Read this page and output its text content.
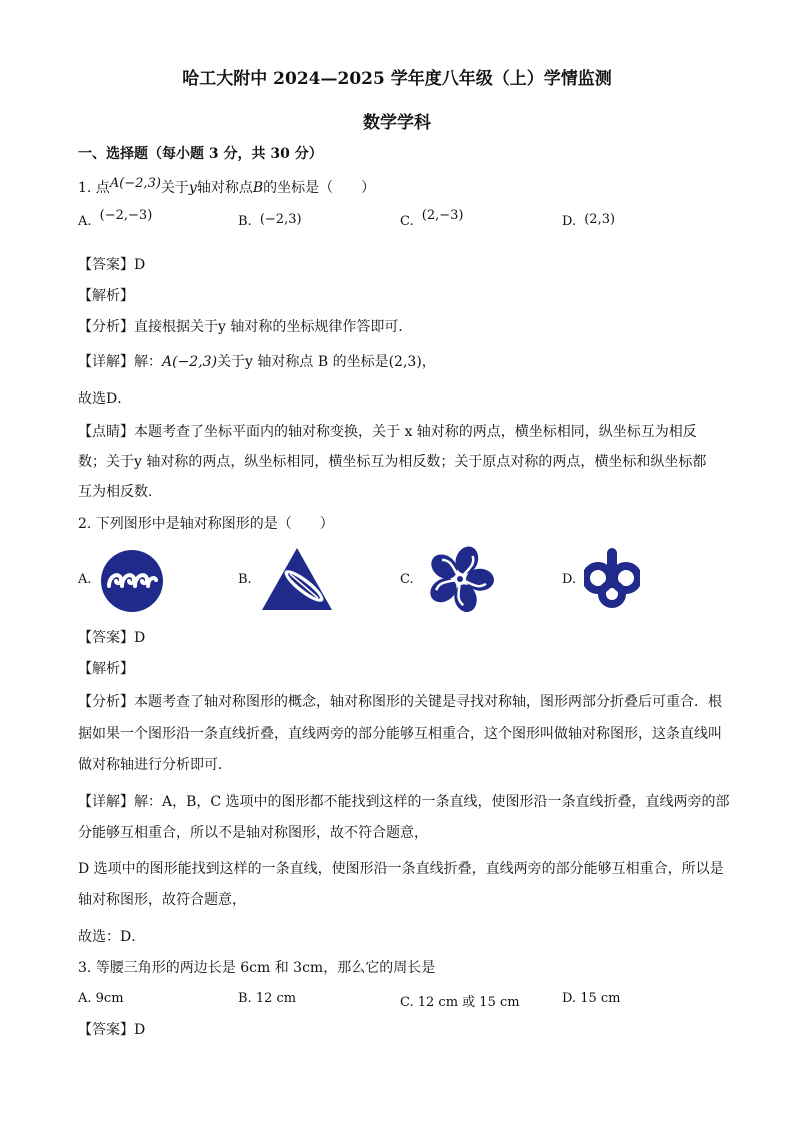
哈工大附中 2024—2025 学年度八年级（上）学情监测
数学学科
一、选择题（每小题 3 分，共 30 分）
1. 点A(−2,3)关于y轴对称点B的坐标是（　　）
A. (−2,−3)	B. (−2,3)	C. (2,−3)	D. (2,3)
【答案】D
【解析】
【分析】直接根据关于y 轴对称的坐标规律作答即可．
【详解】解：A(−2,3)关于y 轴对称点 B 的坐标是(2,3)，
故选D．
【点睛】本题考查了坐标平面内的轴对称变换，关于 x 轴对称的两点，横坐标相同，纵坐标互为相反
数；关于y 轴对称的两点，纵坐标相同，横坐标互为相反数；关于原点对称的两点，横坐标和纵坐标都
互为相反数．
2. 下列图形中是轴对称图形的是（　　）
A.	B.	C.	D.
【答案】D
【解析】
【分析】本题考查了轴对称图形的概念，轴对称图形的关键是寻找对称轴，图形两部分折叠后可重合．根
据如果一个图形沿一条直线折叠，直线两旁的部分能够互相重合，这个图形叫做轴对称图形，这条直线叫
做对称轴进行分析即可．
【详解】解：A，B，C 选项中的图形都不能找到这样的一条直线，使图形沿一条直线折叠，直线两旁的部
分能够互相重合，所以不是轴对称图形，故不符合题意，
D 选项中的图形能找到这样的一条直线，使图形沿一条直线折叠，直线两旁的部分能够互相重合，所以是
轴对称图形，故符合题意，
故选：D．
3. 等腰三角形的两边长是 6cm 和 3cm，那么它的周长是
A. 9cm	B. 12 cm	C. 12 cm 或 15 cm	D. 15 cm
【答案】D
